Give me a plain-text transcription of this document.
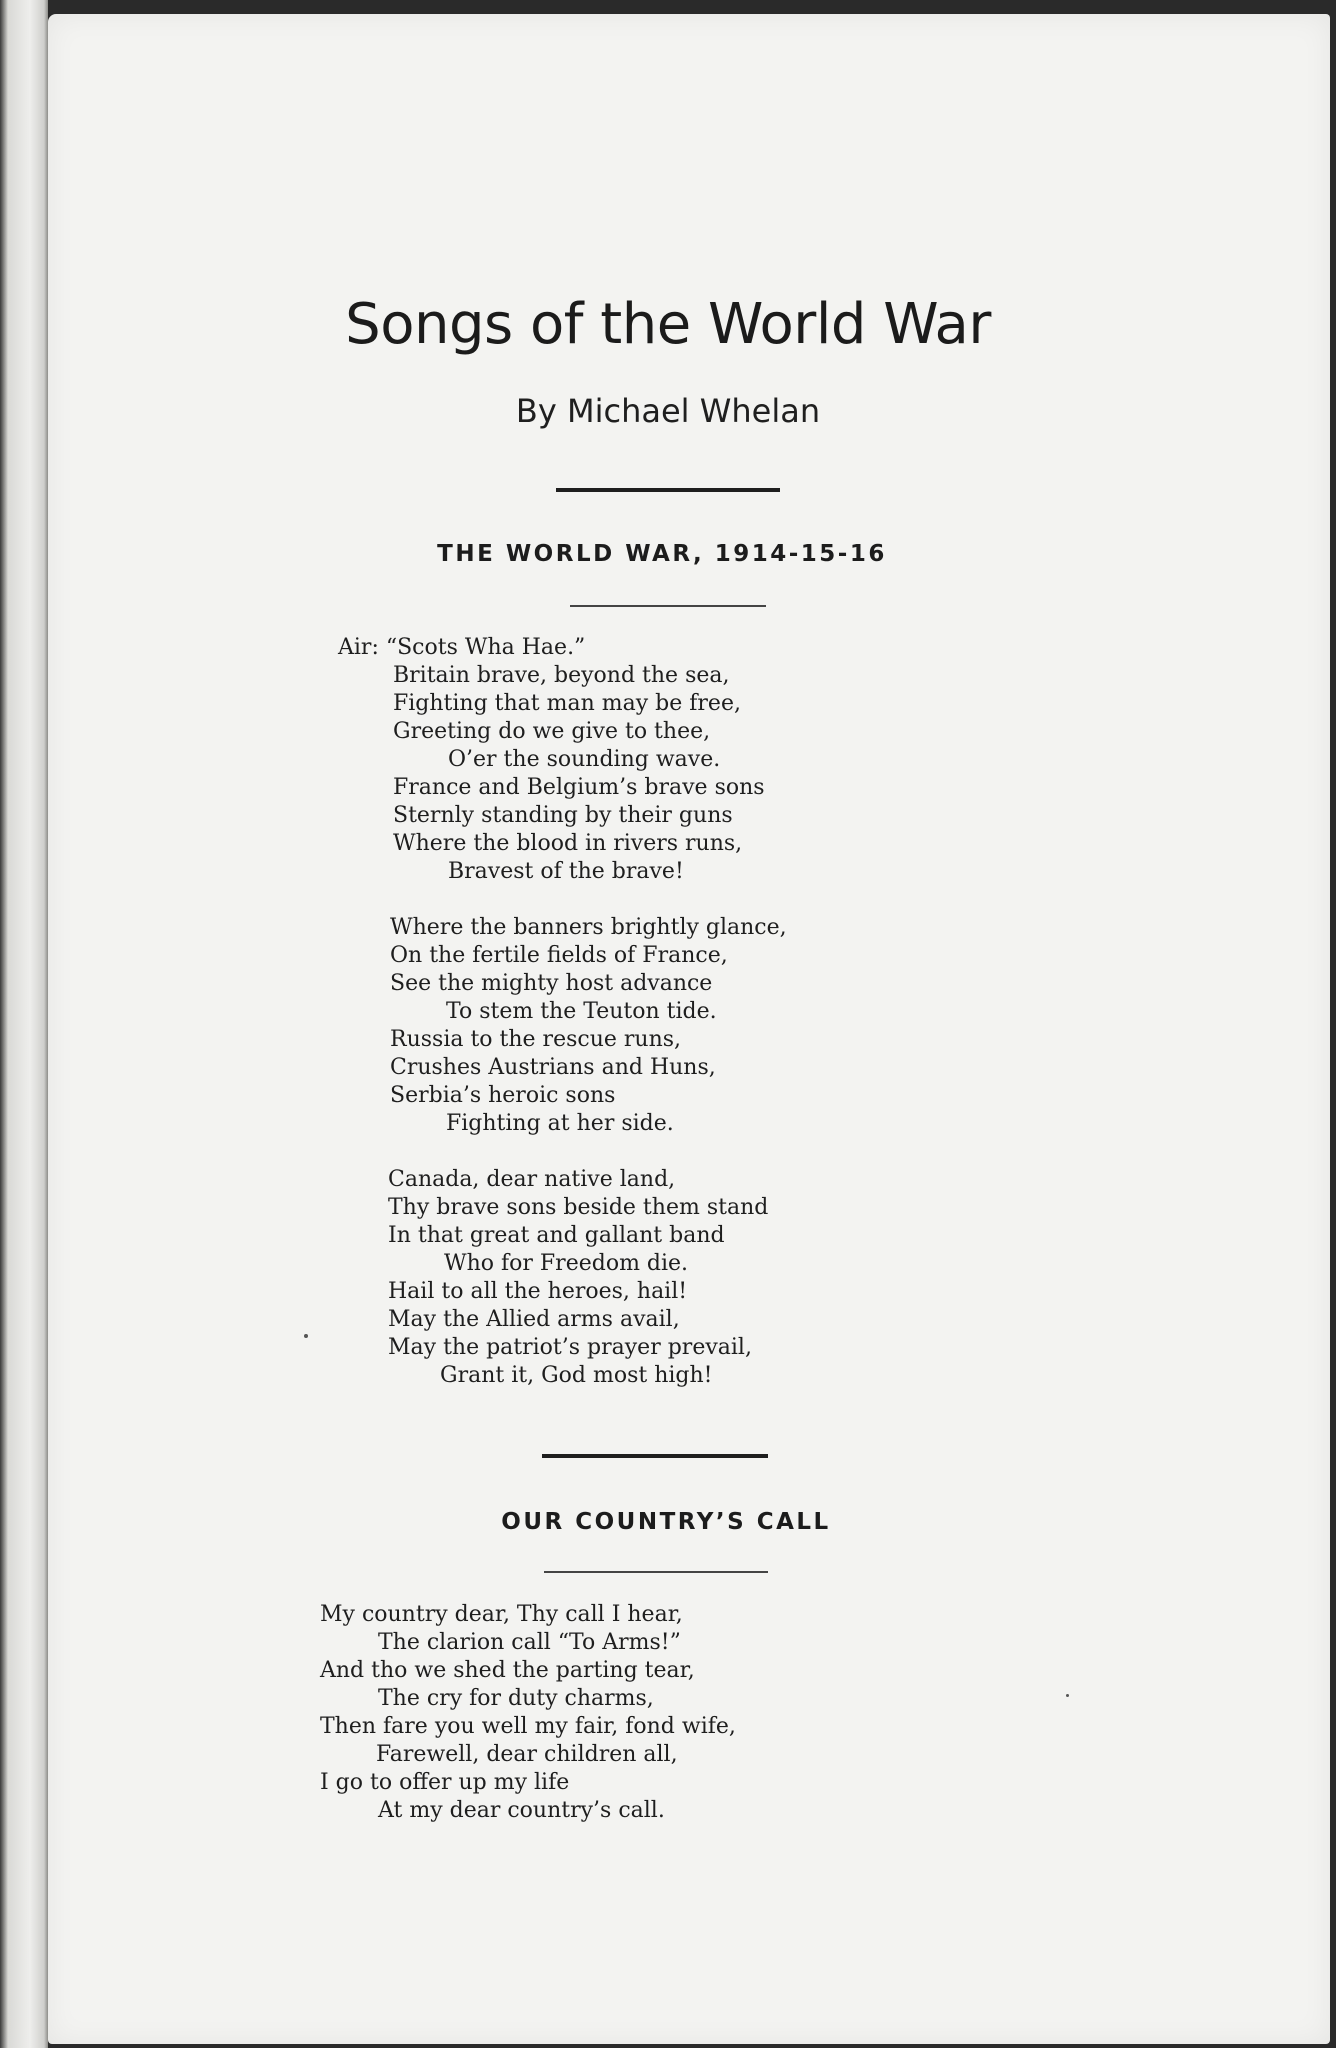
Songs of the World War
By Michael Whelan
THE WORLD WAR, 1914-15-16
Air: “Scots Wha Hae.”
Britain brave, beyond the sea,
Fighting that man may be free,
Greeting do we give to thee,
O’er the sounding wave.
France and Belgium’s brave sons
Sternly standing by their guns
Where the blood in rivers runs,
Bravest of the brave!
Where the banners brightly glance,
On the fertile fields of France,
See the mighty host advance
To stem the Teuton tide.
Russia to the rescue runs,
Crushes Austrians and Huns,
Serbia’s heroic sons
Fighting at her side.
Canada, dear native land,
Thy brave sons beside them stand
In that great and gallant band
Who for Freedom die.
Hail to all the heroes, hail!
May the Allied arms avail,
May the patriot’s prayer prevail,
Grant it, God most high!
OUR COUNTRY’S CALL
My country dear, Thy call I hear,
The clarion call “To Arms!”
And tho we shed the parting tear,
The cry for duty charms,
Then fare you well my fair, fond wife,
Farewell, dear children all,
I go to offer up my life
At my dear country’s call.
